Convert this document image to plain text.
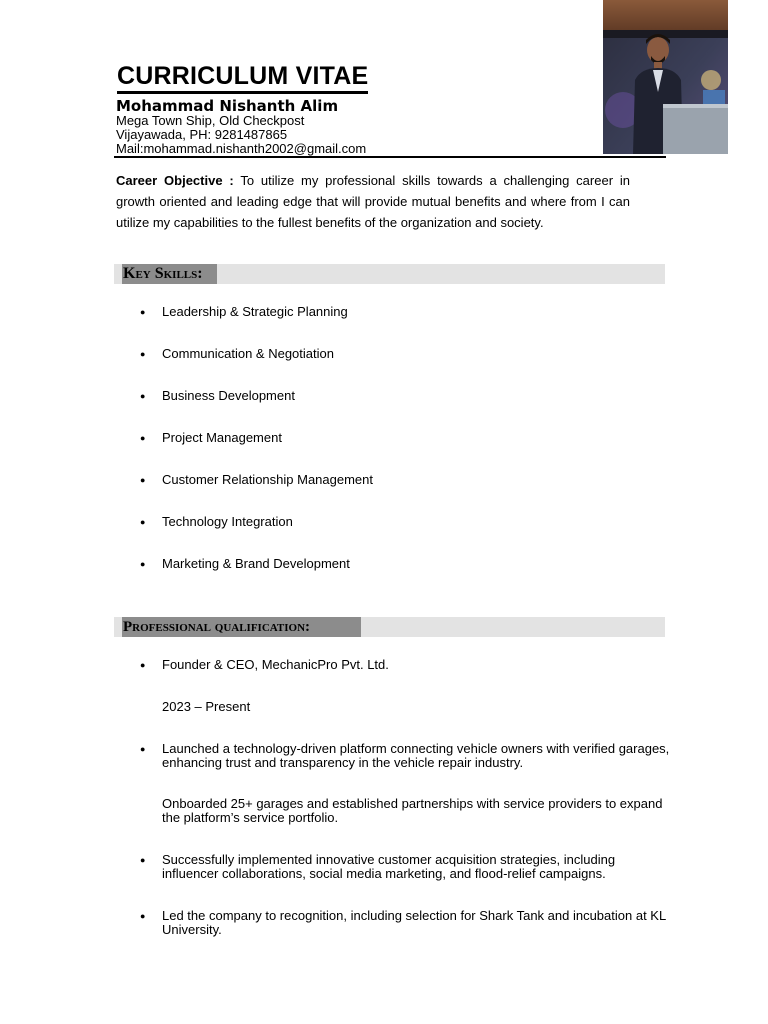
CURRICULUM VITAE
Mohammad Nishanth Alim
Mega Town Ship, Old Checkpost
Vijayawada, PH: 9281487865
Mail:mohammad.nishanth2002@gmail.com
Career Objective : To utilize my professional skills towards a challenging career in growth oriented and leading edge that will provide mutual benefits and where from I can utilize my capabilities to the fullest benefits of the organization and society.
Key Skills:
● Leadership & Strategic Planning
● Communication & Negotiation
● Business Development
● Project Management
● Customer Relationship Management
● Technology Integration
● Marketing & Brand Development
Professional qualification:
● Founder & CEO, MechanicPro Pvt. Ltd.
2023 – Present
● Launched a technology-driven platform connecting vehicle owners with verified garages, enhancing trust and transparency in the vehicle repair industry.
Onboarded 25+ garages and established partnerships with service providers to expand the platform’s service portfolio.
● Successfully implemented innovative customer acquisition strategies, including influencer collaborations, social media marketing, and flood-relief campaigns.
● Led the company to recognition, including selection for Shark Tank and incubation at KL University.
